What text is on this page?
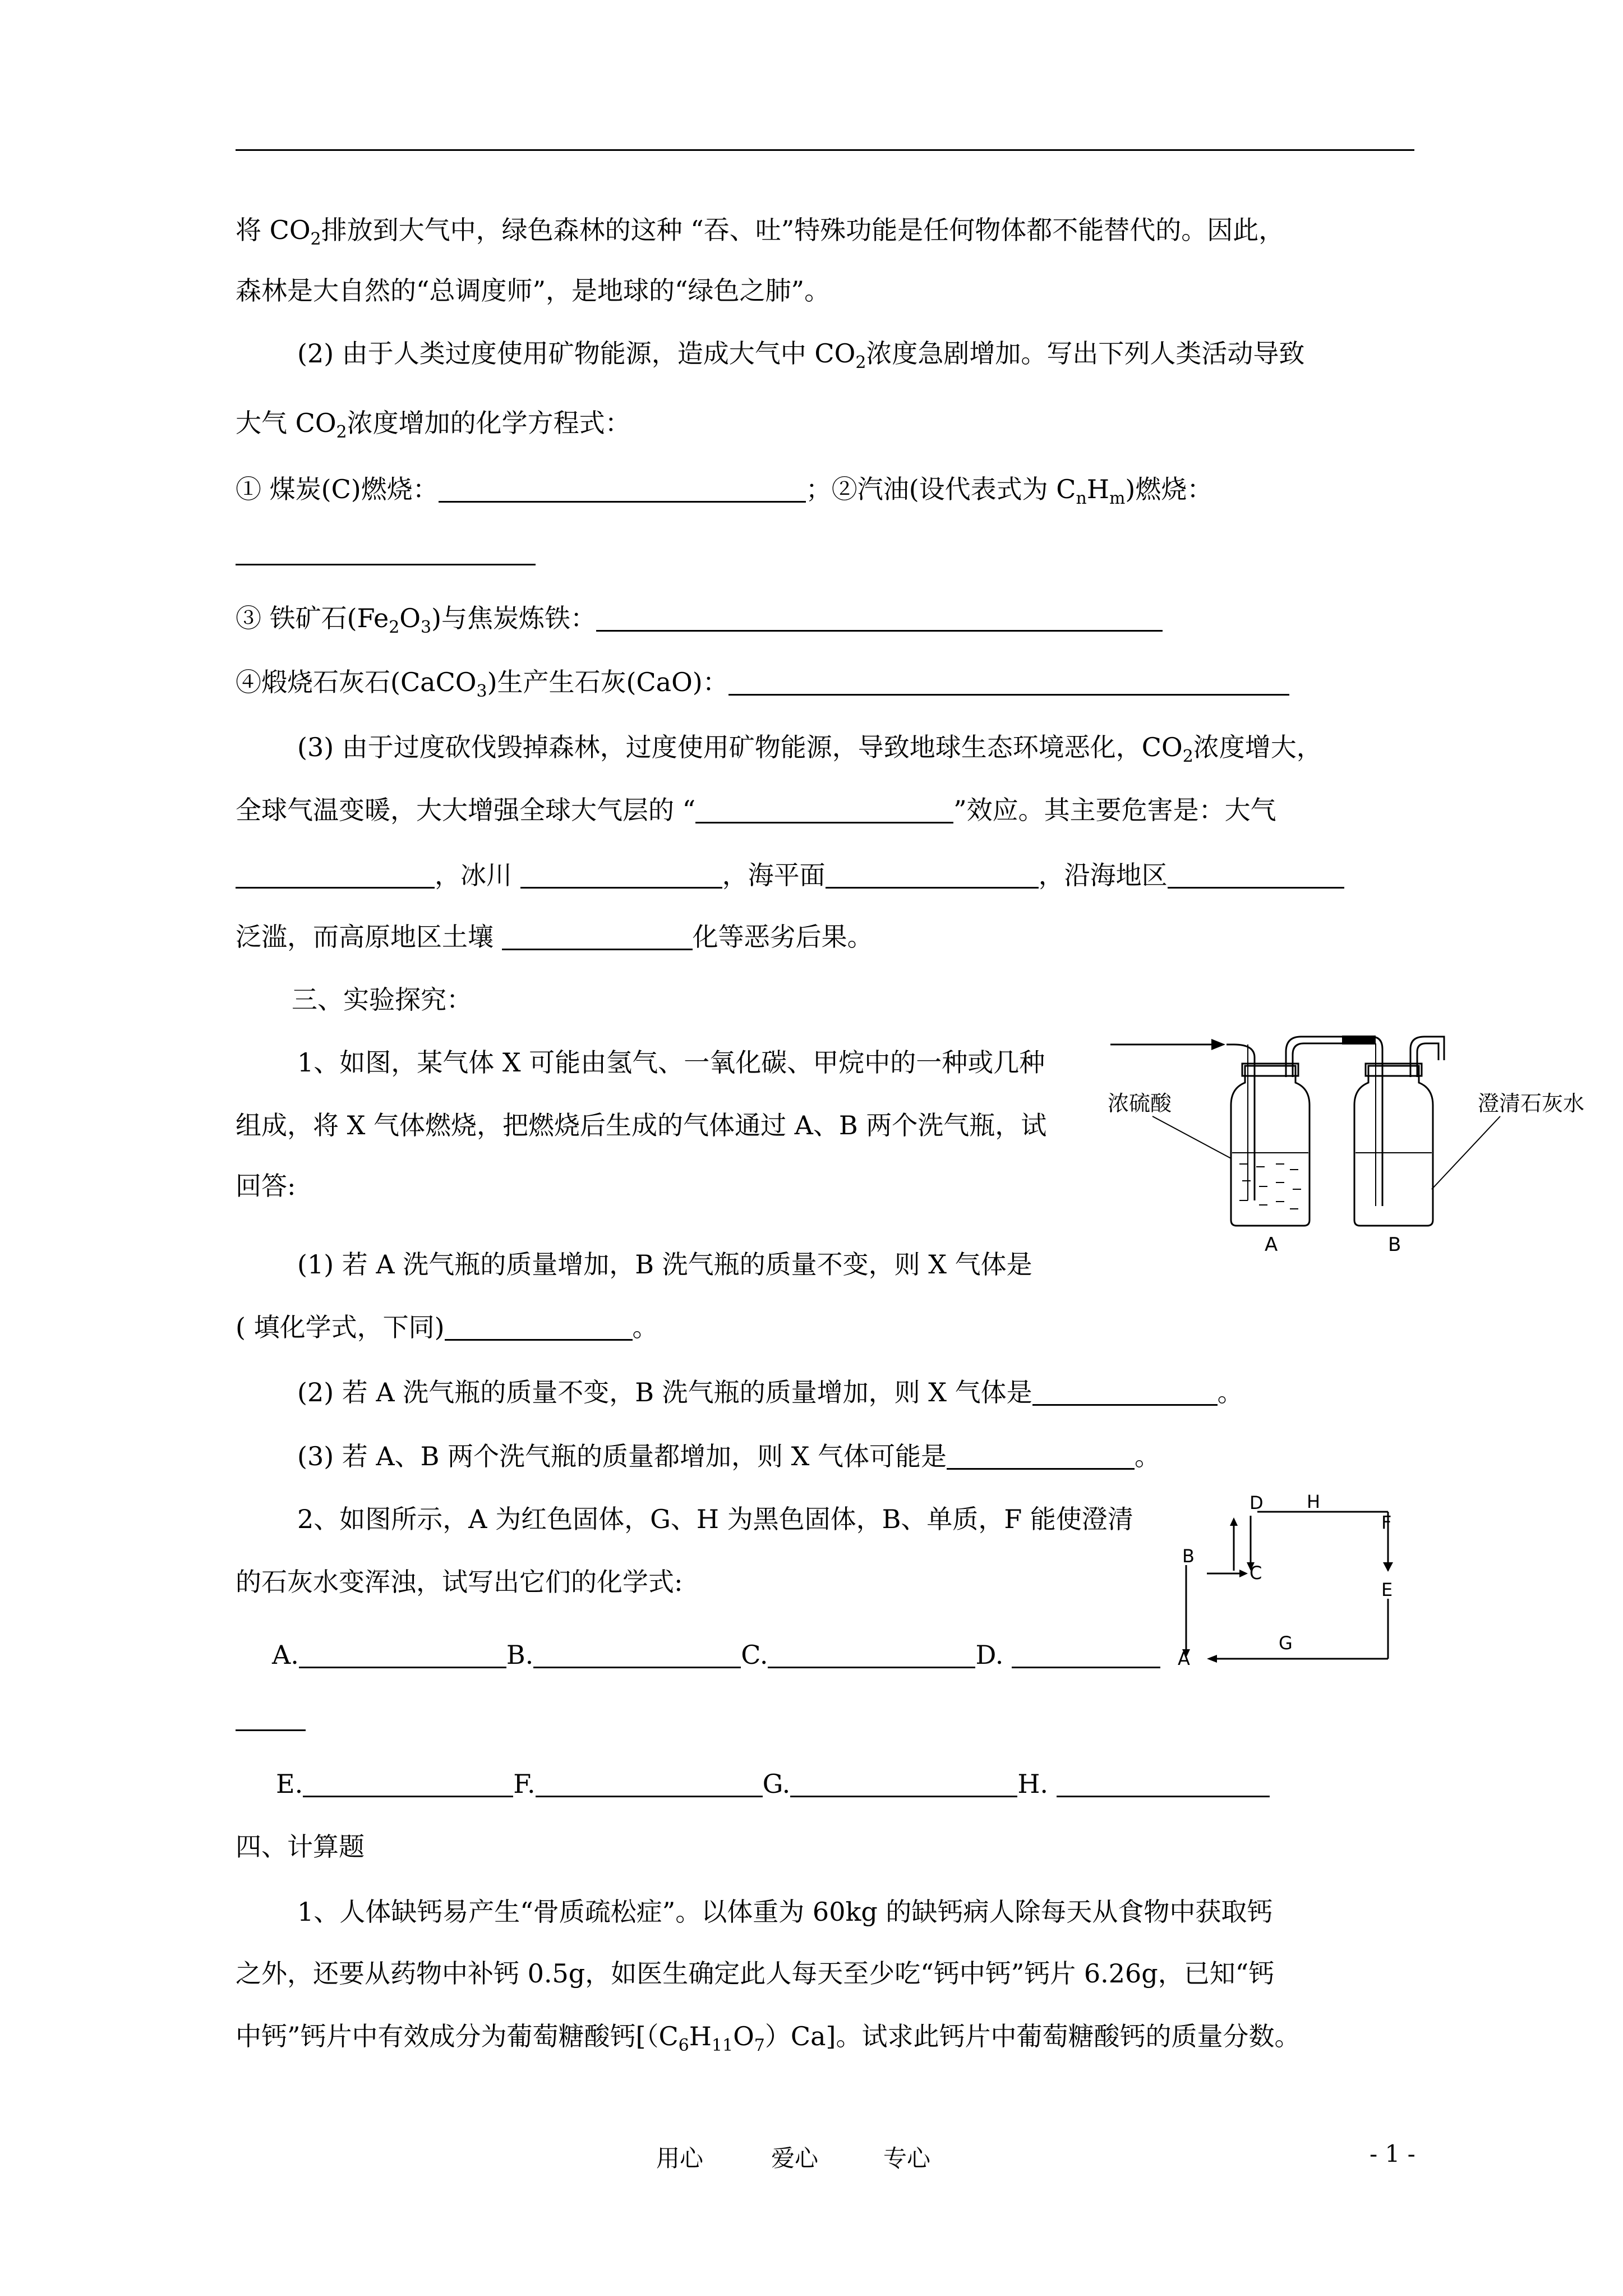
将 $CO_2$排放到大气中，绿色森林的这种 “吞、吐”特殊功能是任何物体都不能替代的。因此，
森林是大自然的“总调度师”，是地球的“绿色之肺”。
(2) 由于人类过度使用矿物能源，造成大气中 $CO_2$浓度急剧增加。写出下列人类活动导致
大气 $CO_2$浓度增加的化学方程式：
① 煤炭(C)燃烧：	；②汽油(设代表式为 $C_nH_m$)燃烧：
③ 铁矿石$(Fe_2O_3)$与焦炭炼铁：
④煅烧石灰石(CaCO$_3$)生产生石灰(CaO)：
(3) 由于过度砍伐毁掉森林，过度使用矿物能源，导致地球生态环境恶化，$CO_2$浓度增大，
全球气温变暖，大大增强全球大气层的 “	”效应。其主要危害是：大气
，冰川	，海平面	，沿海地区
泛滥，而高原地区土壤	化等恶劣后果。
三、实验探究：
1、如图，某气体 X 可能由氢气、一氧化碳、甲烷中的一种或几种
组成，将 X 气体燃烧，把燃烧后生成的气体通过 A、B 两个洗气瓶，试
回答:
(1) 若 A 洗气瓶的质量增加，B 洗气瓶的质量不变，则 X 气体是
( 填化学式，下同)	。
(2) 若 A 洗气瓶的质量不变，B 洗气瓶的质量增加，则 X 气体是	。
(3) 若 A、B 两个洗气瓶的质量都增加，则 X 气体可能是	。
2、如图所示，A 为红色固体，G、H 为黑色固体，B、单质，F 能使澄清
的石灰水变浑浊，试写出它们的化学式:
A.	B.	C.	D.
E.	F.	G.	H.
四、计算题
1、人体缺钙易产生“骨质疏松症”。以体重为 60kg 的缺钙病人除每天从食物中获取钙
之外，还要从药物中补钙 0.5g，如医生确定此人每天至少吃“钙中钙”钙片 6.26g，已知“钙
中钙”钙片中有效成分为葡萄糖酸钙$[(C_6H_{11}O_7)Ca]$。试求此钙片中葡萄糖酸钙的质量分数。
浓硫酸	澄清石灰水
A	B
D H
F
B
C
E
G
A
用心	爱心	专心	- 1 -
